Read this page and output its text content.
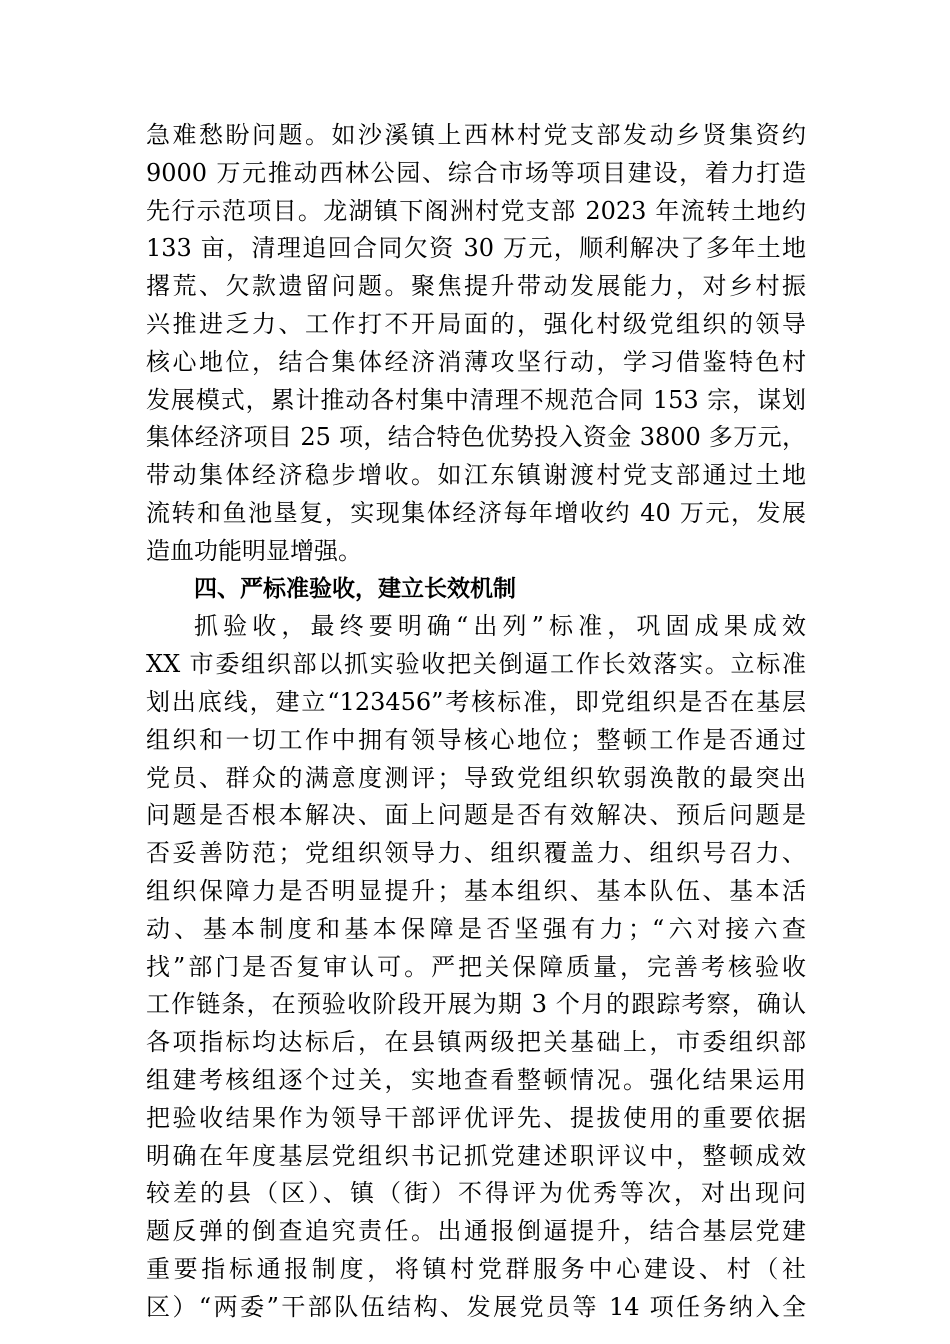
急难愁盼问题。如沙溪镇上西林村党支部发动乡贤集资约
9000 万元推动西林公园、综合市场等项目建设，着力打造
先行示范项目。龙湖镇下阁洲村党支部 2023 年流转土地约
133 亩，清理追回合同欠资 30 万元，顺利解决了多年土地
撂荒、欠款遗留问题。聚焦提升带动发展能力，对乡村振
兴推进乏力、工作打不开局面的，强化村级党组织的领导
核心地位，结合集体经济消薄攻坚行动，学习借鉴特色村
发展模式，累计推动各村集中清理不规范合同 153 宗，谋划
集体经济项目 25 项，结合特色优势投入资金 3800 多万元，
带动集体经济稳步增收。如江东镇谢渡村党支部通过土地
流转和鱼池垦复，实现集体经济每年增收约 40 万元，发展
造血功能明显增强。
四、严标准验收，建立长效机制
抓验收，最终要明确“出列”标准，巩固成果成效
XX 市委组织部以抓实验收把关倒逼工作长效落实。立标准
划出底线，建立“123456”考核标准，即党组织是否在基层
组织和一切工作中拥有领导核心地位；整顿工作是否通过
党员、群众的满意度测评；导致党组织软弱涣散的最突出
问题是否根本解决、面上问题是否有效解决、预后问题是
否妥善防范；党组织领导力、组织覆盖力、组织号召力、
组织保障力是否明显提升；基本组织、基本队伍、基本活
动、基本制度和基本保障是否坚强有力；“六对接六查
找”部门是否复审认可。严把关保障质量，完善考核验收
工作链条，在预验收阶段开展为期 3 个月的跟踪考察，确认
各项指标均达标后，在县镇两级把关基础上，市委组织部
组建考核组逐个过关，实地查看整顿情况。强化结果运用
把验收结果作为领导干部评优评先、提拔使用的重要依据
明确在年度基层党组织书记抓党建述职评议中，整顿成效
较差的县（区）、镇（街）不得评为优秀等次，对出现问
题反弹的倒查追究责任。出通报倒逼提升，结合基层党建
重要指标通报制度，将镇村党群服务中心建设、村（社
区）“两委”干部队伍结构、发展党员等 14 项任务纳入全
